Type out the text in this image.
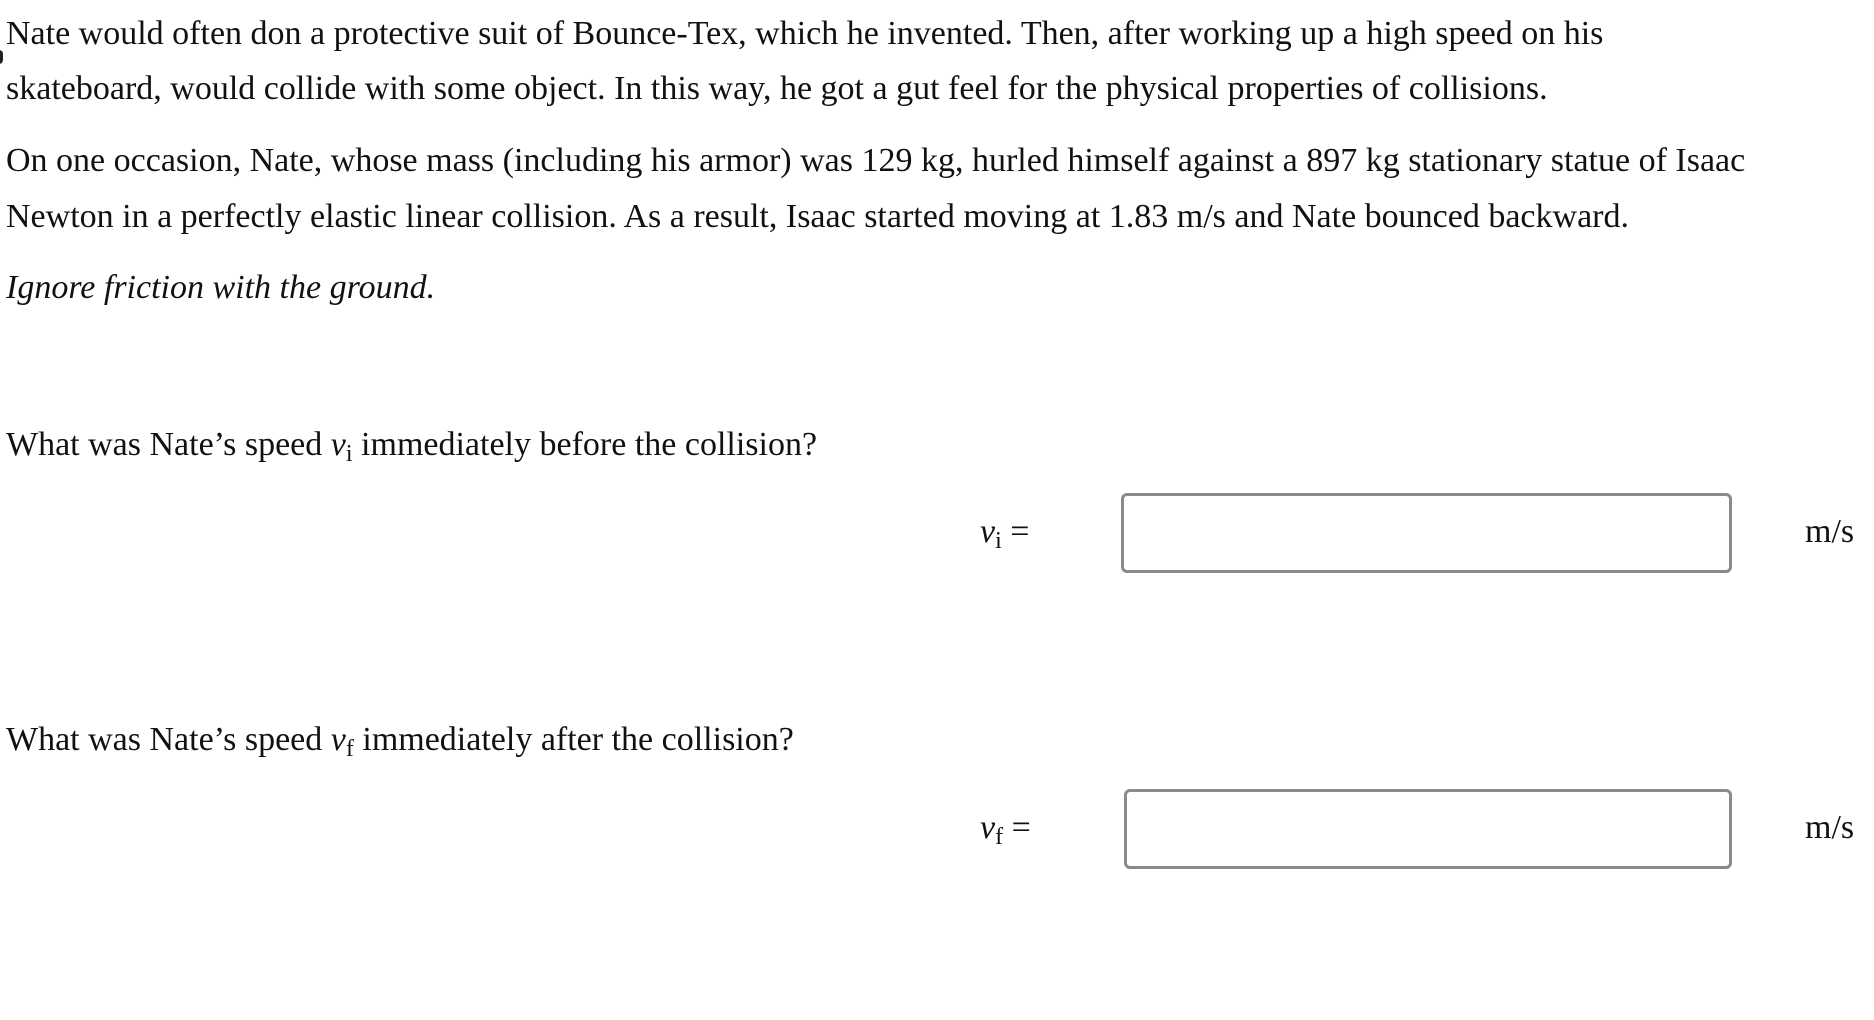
Nate would often don a protective suit of Bounce-Tex, which he invented. Then, after working up a high speed on his
skateboard, would collide with some object. In this way, he got a gut feel for the physical properties of collisions.

On one occasion, Nate, whose mass (including his armor) was 129 kg, hurled himself against a 897 kg stationary statue of Isaac
Newton in a perfectly elastic linear collision. As a result, Isaac started moving at 1.83 m/s and Nate bounced backward.

Ignore friction with the ground.

What was Nate’s speed vi immediately before the collision?

vi =	m/s

What was Nate’s speed vf immediately after the collision?

vf =	m/s
